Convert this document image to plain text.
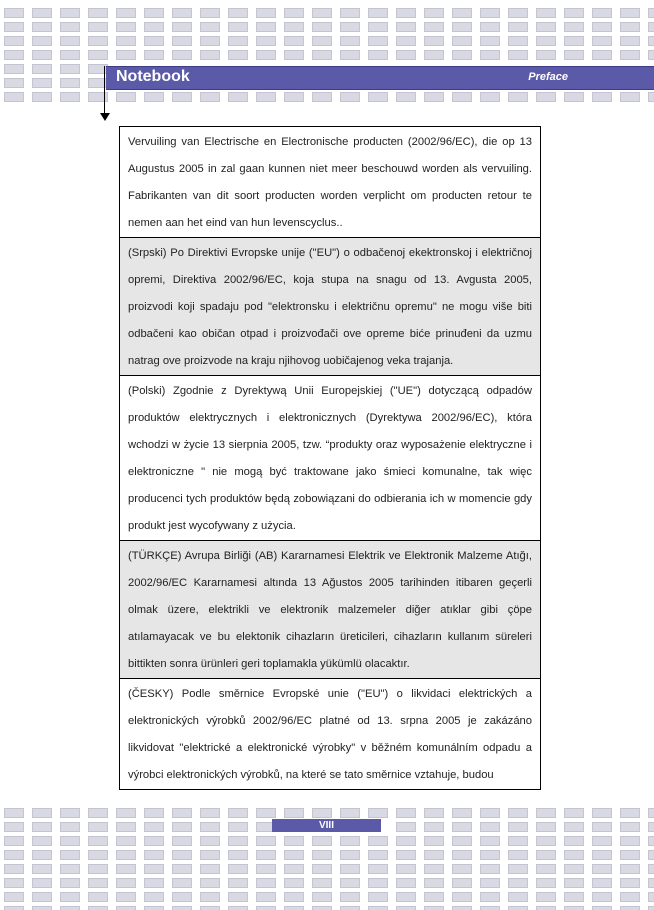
Notebook	Preface
Vervuiling van Electrische en Electronische producten (2002/96/EC), die op 13 Augustus 2005 in zal gaan kunnen niet meer beschouwd worden als vervuiling. Fabrikanten van dit soort producten worden verplicht om producten retour te nemen aan het eind van hun levenscyclus..
(Srpski) Po Direktivi Evropske unije ("EU") o odbačenoj ekektronskoj i električnoj opremi, Direktiva 2002/96/EC, koja stupa na snagu od 13. Avgusta 2005, proizvodi koji spadaju pod "elektronsku i električnu opremu" ne mogu više biti odbačeni kao običan otpad i proizvođači ove opreme biće prinuđeni da uzmu natrag ove proizvode na kraju njihovog uobičajenog veka trajanja.
(Polski) Zgodnie z Dyrektywą Unii Europejskiej ("UE") dotyczącą odpadów produktów elektrycznych i elektronicznych (Dyrektywa 2002/96/EC), która wchodzi w życie 13 sierpnia 2005, tzw. “produkty oraz wyposażenie elektryczne i elektroniczne " nie mogą być traktowane jako śmieci komunalne, tak więc producenci tych produktów będą zobowiązani do odbierania ich w momencie gdy produkt jest wycofywany z użycia.
(TÜRKÇE) Avrupa Birliği (AB) Kararnamesi Elektrik ve Elektronik Malzeme Atığı, 2002/96/EC Kararnamesi altında 13 Ağustos 2005 tarihinden itibaren geçerli olmak üzere, elektrikli ve elektronik malzemeler diğer atıklar gibi çöpe atılamayacak ve bu elektonik cihazların üreticileri, cihazların kullanım süreleri bittikten sonra ürünleri geri toplamakla yükümlü olacaktır.
(ČESKY) Podle směrnice Evropské unie ("EU") o likvidaci elektrických a elektronických výrobků 2002/96/EC platné od 13. srpna 2005 je zakázáno likvidovat "elektrické a elektronické výrobky" v běžném komunálním odpadu a výrobci elektronických výrobků, na které se tato směrnice vztahuje, budou
VIII
